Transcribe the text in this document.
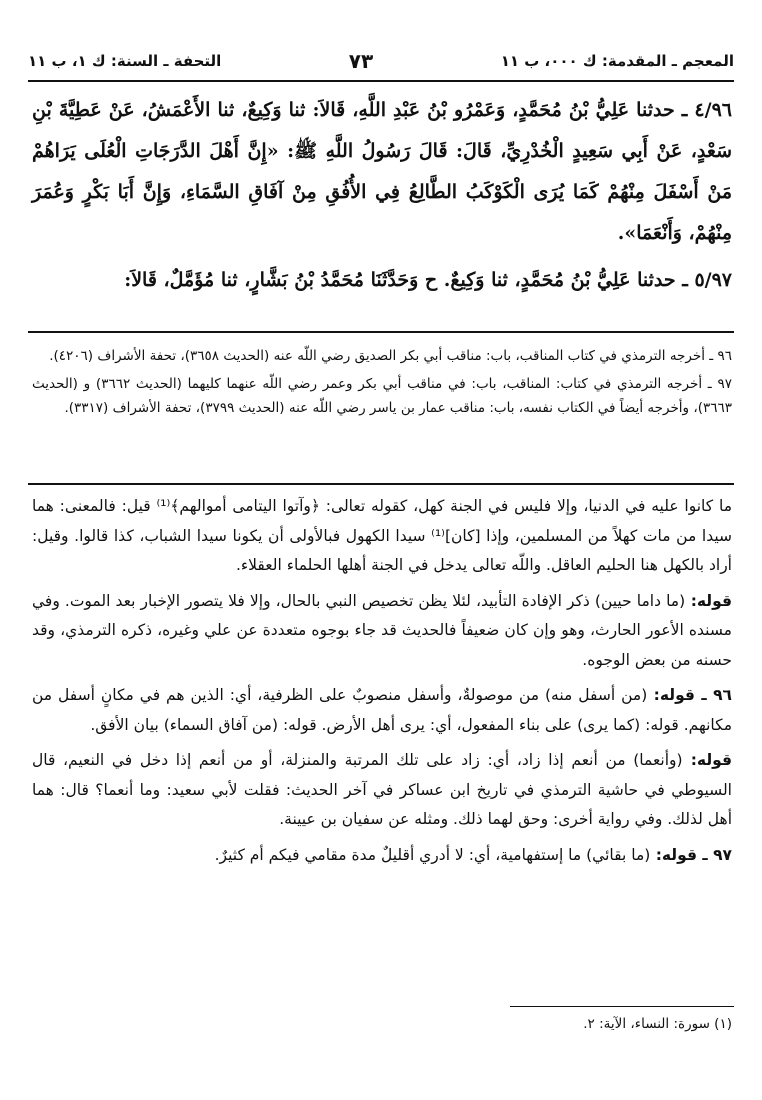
المعجم ـ المقدمة: ك ٠٠٠، ب ١١
٧٣
التحفة ـ السنة: ك ١، ب ١١

٤/٩٦ ـ حدثنا عَلِيُّ بْنُ مُحَمَّدٍ، وَعَمْرُو بْنُ عَبْدِ اللَّهِ، قَالاَ: ثنا وَكِيعٌ، ثنا الأَعْمَشُ، عَنْ عَطِيَّةَ بْنِ سَعْدٍ، عَنْ أَبِي سَعِيدٍ الْخُدْرِيِّ، قَالَ: قَالَ رَسُولُ اللَّهِ ﷺ: «إِنَّ أَهْلَ الدَّرَجَاتِ الْعُلَى يَرَاهُمْ مَنْ أَسْفَلَ مِنْهُمْ كَمَا يُرَى الْكَوْكَبُ الطَّالِعُ فِي الأُفُقِ مِنْ آفَاقِ السَّمَاءِ، وَإِنَّ أَبَا بَكْرٍ وَعُمَرَ مِنْهُمْ، وَأَنْعَمَا».

٥/٩٧ ـ حدثنا عَلِيُّ بْنُ مُحَمَّدٍ، ثنا وَكِيعٌ. ح وَحَدَّثَنَا مُحَمَّدُ بْنُ بَشَّارٍ، ثنا مُؤَمَّلٌ، قَالاَ:

٩٦ ـ أخرجه الترمذي في كتاب المناقب، باب: مناقب أبي بكر الصديق رضي اللّه عنه (الحديث ٣٦٥٨)، تحفة الأشراف (٤٢٠٦).

٩٧ ـ أخرجه الترمذي في كتاب: المناقب، باب: في مناقب أبي بكر وعمر رضي اللّه عنهما كليهما (الحديث ٣٦٦٢) و (الحديث ٣٦٦٣)، وأخرجه أيضاً في الكتاب نفسه، باب: مناقب عمار بن ياسر رضي اللّه عنه (الحديث ٣٧٩٩)، تحفة الأشراف (٣٣١٧).

ما كانوا عليه في الدنيا، وإلا فليس في الجنة كهل، كقوله تعالى: ﴿وآتوا اليتامى أموالهم﴾⁽¹⁾ قيل: فالمعنى: هما سيدا من مات كهلاً من المسلمين، وإذا [كان]⁽¹⁾ سيدا الكهول فبالأولى أن يكونا سيدا الشباب، كذا قالوا. وقيل: أراد بالكهل هنا الحليم العاقل. واللّه تعالى يدخل في الجنة أهلها الحلماء العقلاء.

قوله: (ما داما حيين) ذكر الإفادة التأبيد، لئلا يظن تخصيص النبي بالحال، وإلا فلا يتصور الإخبار بعد الموت. وفي مسنده الأعور الحارث، وهو وإن كان ضعيفاً فالحديث قد جاء بوجوه متعددة عن علي وغيره، ذكره الترمذي، وقد حسنه من بعض الوجوه.

٩٦ ـ قوله: (من أسفل منه) من موصولةٌ، وأسفل منصوبٌ على الظرفية، أي: الذين هم في مكانٍ أسفل من مكانهم. قوله: (كما يرى) على بناء المفعول، أي: يرى أهل الأرض. قوله: (من آفاق السماء) بيان الأفق.

قوله: (وأنعما) من أنعم إذا زاد، أي: زاد على تلك المرتبة والمنزلة، أو من أنعم إذا دخل في النعيم، قال السيوطي في حاشية الترمذي في تاريخ ابن عساكر في آخر الحديث: فقلت لأبي سعيد: وما أنعما؟ قال: هما أهل لذلك. وفي رواية أخرى: وحق لهما ذلك. ومثله عن سفيان بن عيينة.

٩٧ ـ قوله: (ما بقائي) ما إستفهامية، أي: لا أدري أقليلٌ مدة مقامي فيكم أم كثيرٌ.

(١) سورة: النساء، الآية: ٢.
